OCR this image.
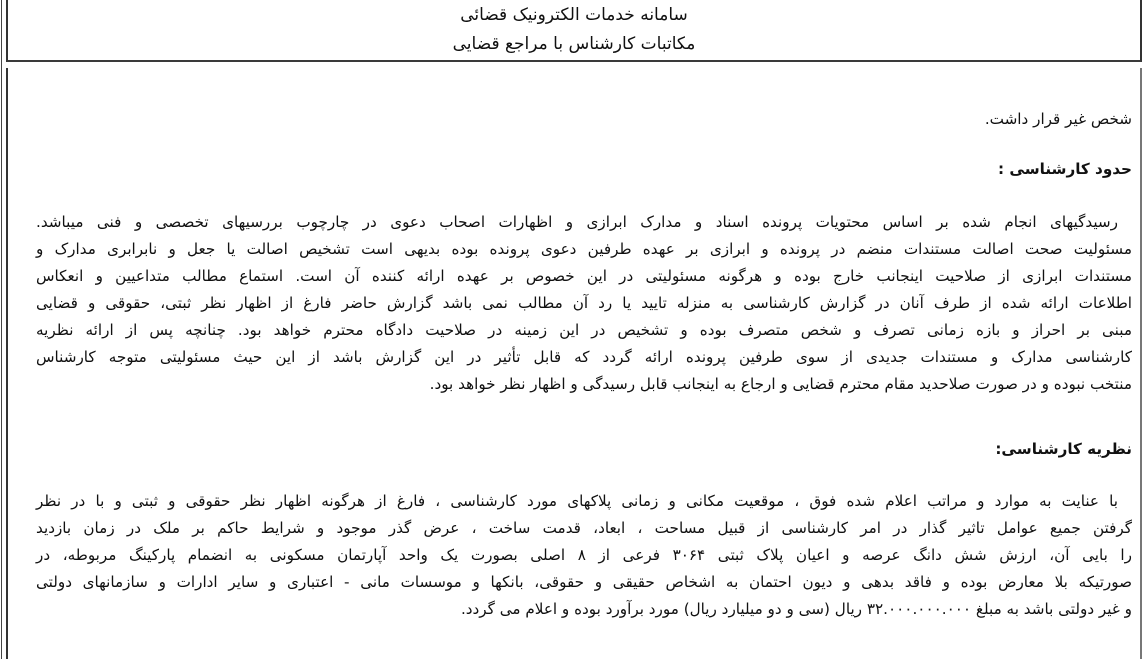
سامانه خدمات الکترونیک قضائی
مکاتبات کارشناس با مراجع قضایی
شخص غیر قرار داشت.
حدود کارشناسی :
رسیدگیهای انجام شده بر اساس محتویات پرونده اسناد و مدارک ابرازی و اظهارات اصحاب دعوی در چارچوب بررسیهای تخصصی و فنی میباشد.
مسئولیت صحت اصالت مستندات منضم در پرونده و ابرازی بر عهده طرفین دعوی پرونده بوده بدیهی است تشخیص اصالت یا جعل و نابرابری مدارک و
مستندات ابرازی از صلاحیت اینجانب خارج بوده و هرگونه مسئولیتی در این خصوص بر عهده ارائه کننده آن است. استماع مطالب متداعیین و انعکاس
اطلاعات ارائه شده از طرف آنان در گزارش کارشناسی به منزله تایید یا رد آن مطالب نمی باشد گزارش حاضر فارغ از اظهار نظر ثبتی، حقوقی و قضایی
مبنی بر احراز و بازه زمانی تصرف و شخص متصرف بوده و تشخیص در این زمینه در صلاحیت دادگاه محترم خواهد بود. چنانچه پس از ارائه نظریه
کارشناسی مدارک و مستندات جدیدی از سوی طرفین پرونده ارائه گردد که قابل تأثیر در این گزارش باشد از این حیث مسئولیتی متوجه کارشناس
منتخب نبوده و در صورت صلاحدید مقام محترم قضایی و ارجاع به اینجانب قابل رسیدگی و اظهار نظر خواهد بود.
نظریه کارشناسی:
با عنایت به موارد و مراتب اعلام شده فوق ، موقعیت مکانی و زمانی پلاکهای مورد کارشناسی ، فارغ از هرگونه اظهار نظر حقوقی و ثبتی و با در نظر
گرفتن جمیع عوامل تاثیر گذار در امر کارشناسی از قبیل مساحت ، ابعاد، قدمت ساخت ، عرض گذر موجود و شرایط حاکم بر ملک در زمان بازدید
را بایی آن، ارزش شش دانگ عرصه و اعیان پلاک ثبتی ۳۰۶۴ فرعی از ۸ اصلی بصورت یک واحد آپارتمان مسکونی به انضمام پارکینگ مربوطه، در
صورتیکه بلا معارض بوده و فاقد بدهی و دیون احتمان به اشخاص حقیقی و حقوقی، بانکها و موسسات مانی - اعتباری و سایر ادارات و سازمانهای دولتی
و غیر دولتی باشد به مبلغ ۳۲.۰۰۰.۰۰۰.۰۰۰ ریال (سی و دو میلیارد ریال) مورد برآورد بوده و اعلام می گردد.
